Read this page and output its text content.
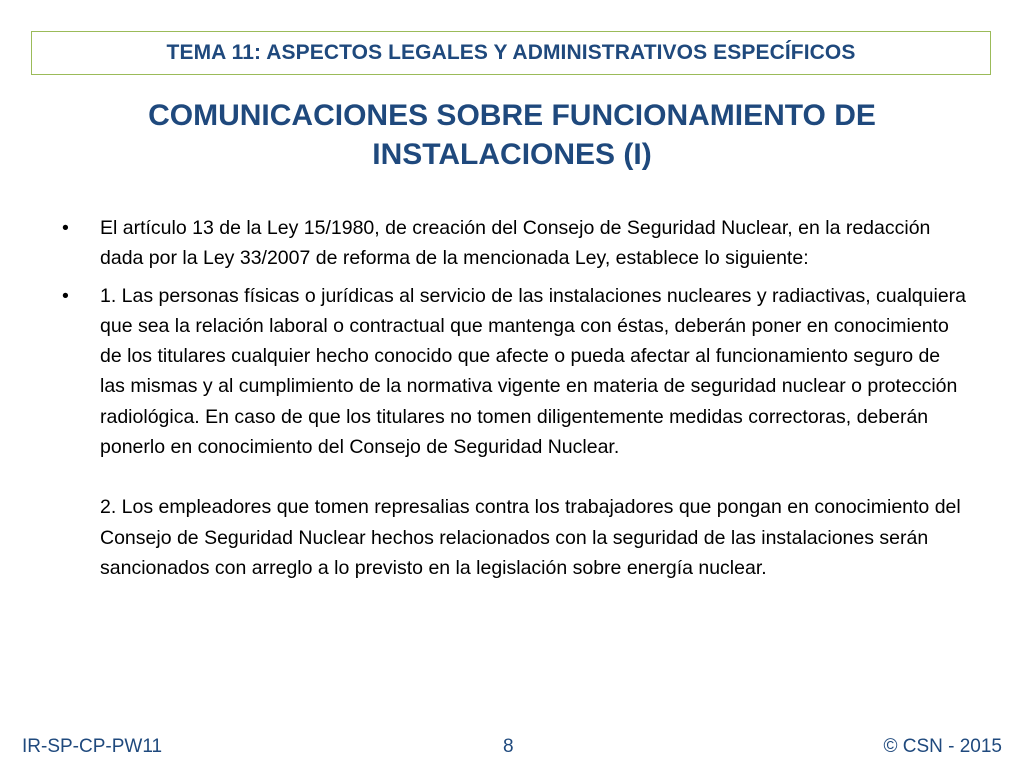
TEMA 11: ASPECTOS LEGALES Y ADMINISTRATIVOS ESPECÍFICOS
COMUNICACIONES SOBRE FUNCIONAMIENTO DE
INSTALACIONES (I)
•	El artículo 13 de la Ley 15/1980, de creación del Consejo de Seguridad Nuclear, en la redacción dada por la Ley 33/2007 de reforma de la mencionada Ley, establece lo siguiente:

•	1. Las personas físicas o jurídicas al servicio de las instalaciones nucleares y radiactivas, cualquiera que sea la relación laboral o contractual que mantenga con éstas, deberán poner en conocimiento de los titulares cualquier hecho conocido que afecte o pueda afectar al funcionamiento seguro de las mismas y al cumplimiento de la normativa vigente en materia de seguridad nuclear o protección radiológica. En caso de que los titulares no tomen diligentemente medidas correctoras, deberán ponerlo en conocimiento del Consejo de Seguridad Nuclear.

2. Los empleadores que tomen represalias contra los trabajadores que pongan en conocimiento del Consejo de Seguridad Nuclear hechos relacionados con la seguridad de las instalaciones serán sancionados con arreglo a lo previsto en la legislación sobre energía nuclear.

IR-SP-CP-PW11	8	© CSN - 2015
